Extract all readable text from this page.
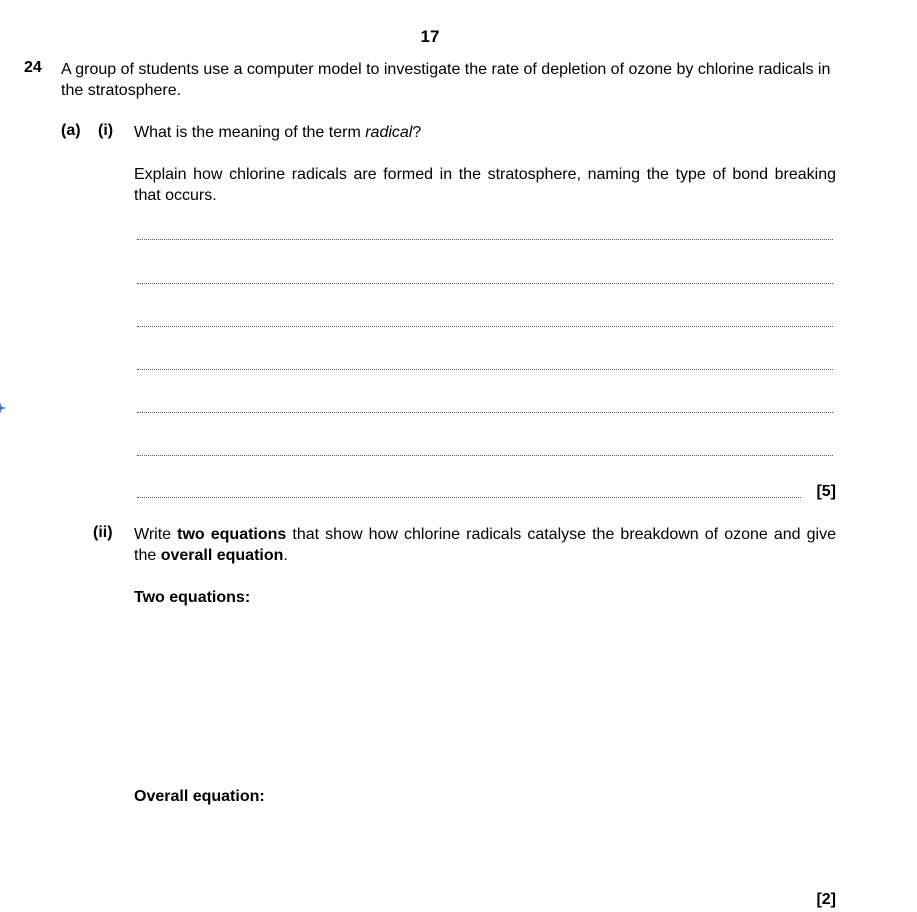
17
24 A group of students use a computer model to investigate the rate of depletion of ozone by chlorine radicals in the stratosphere.
(a) (i) What is the meaning of the term radical?
Explain how chlorine radicals are formed in the stratosphere, naming the type of bond breaking that occurs.
[5]
(ii) Write two equations that show how chlorine radicals catalyse the breakdown of ozone and give the overall equation.
Two equations:
Overall equation:
[2]
